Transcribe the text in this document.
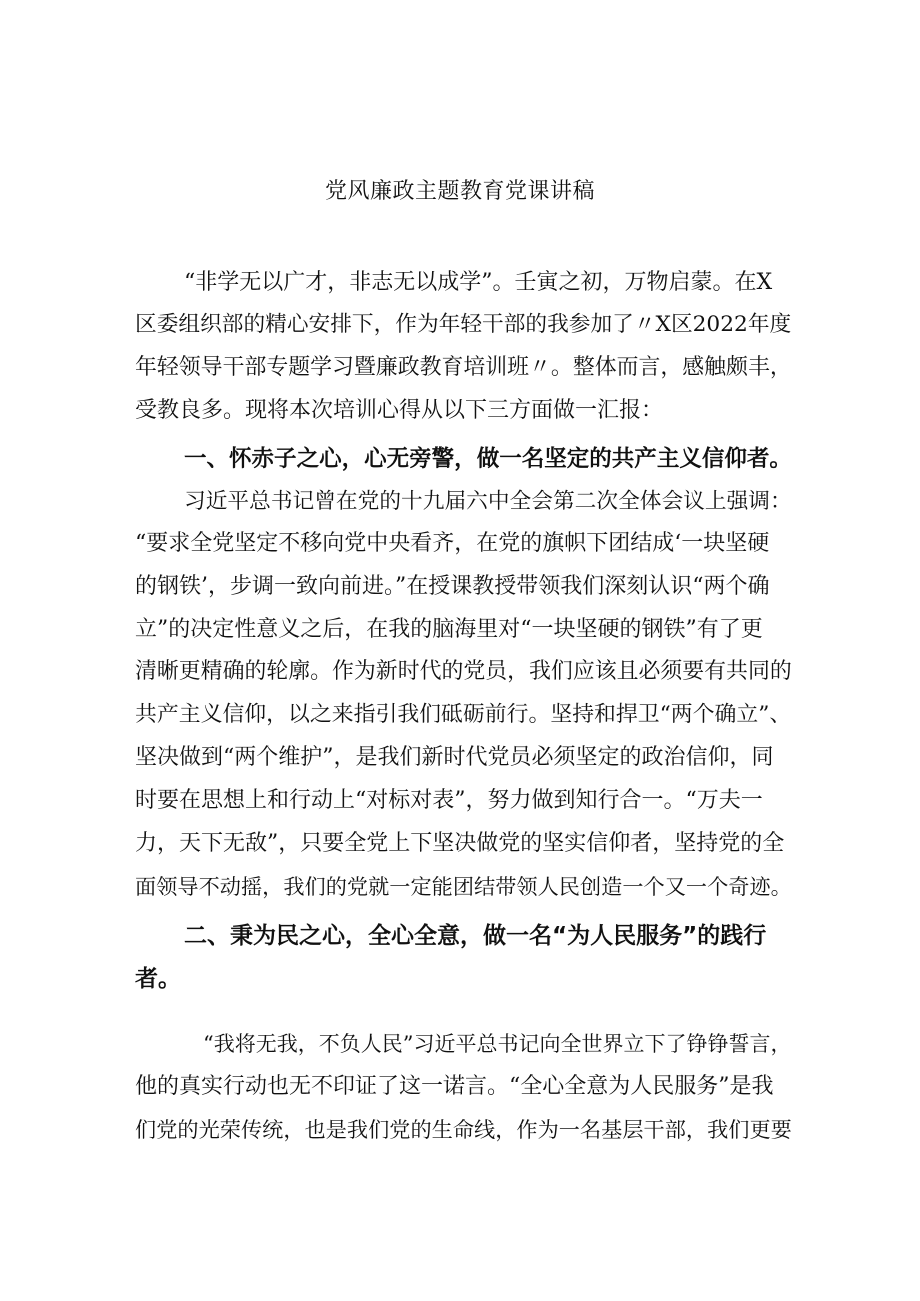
党风廉政主题教育党课讲稿
“非学无以广才，非志无以成学”。壬寅之初，万物启蒙。在X
区委组织部的精心安排下，作为年轻干部的我参加了〃X区2022年度
年轻领导干部专题学习暨廉政教育培训班〃。整体而言，感触颇丰，
受教良多。现将本次培训心得从以下三方面做一汇报：
一、怀赤子之心，心无旁警，做一名坚定的共产主义信仰者。
习近平总书记曾在党的十九届六中全会第二次全体会议上强调：
“要求全党坚定不移向党中央看齐，在党的旗帜下团结成‘一块坚硬
的钢铁’，步调一致向前进。”在授课教授带领我们深刻认识“两个确
立”的决定性意义之后，在我的脑海里对“一块坚硬的钢铁”有了更
清晰更精确的轮廓。作为新时代的党员，我们应该且必须要有共同的
共产主义信仰，以之来指引我们砥砺前行。坚持和捍卫“两个确立”、
坚决做到“两个维护”，是我们新时代党员必须坚定的政治信仰，同
时要在思想上和行动上“对标对表”，努力做到知行合一。“万夫一
力，天下无敌”，只要全党上下坚决做党的坚实信仰者，坚持党的全
面领导不动摇，我们的党就一定能团结带领人民创造一个又一个奇迹。
二、秉为民之心，全心全意，做一名“为人民服务”的践行
者。
“我将无我，不负人民”习近平总书记向全世界立下了铮铮誓言，
他的真实行动也无不印证了这一诺言。“全心全意为人民服务”是我
们党的光荣传统，也是我们党的生命线，作为一名基层干部，我们更要
